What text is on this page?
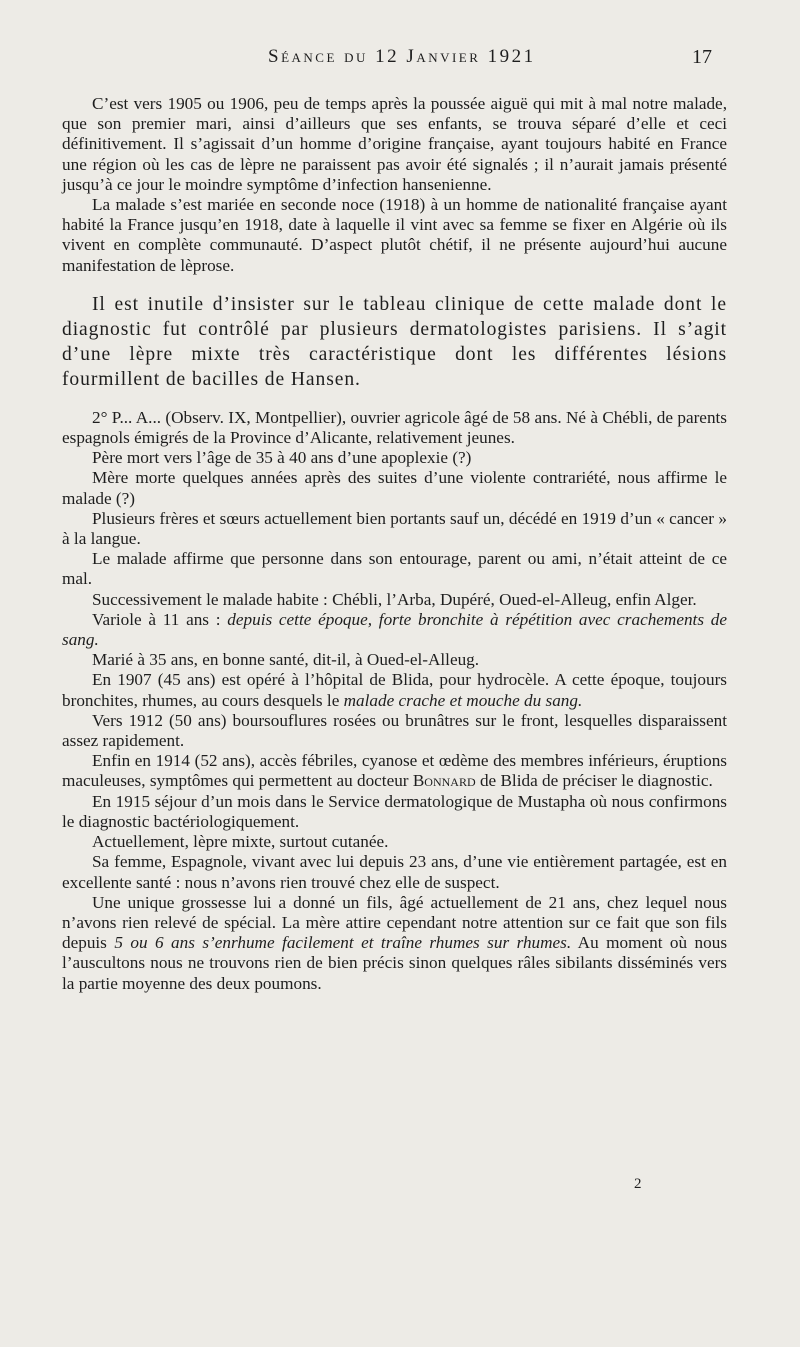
Séance du 12 Janvier 1921	17

C’est vers 1905 ou 1906, peu de temps après la poussée aiguë qui mit à mal notre malade, que son premier mari, ainsi d’ailleurs que ses enfants, se trouva séparé d’elle et ceci définitivement. Il s’agissait d’un homme d’origine française, ayant toujours habité en France une région où les cas de lèpre ne paraissent pas avoir été signalés ; il n’aurait jamais présenté jusqu’à ce jour le moindre symptôme d’infection hansenienne.

La malade s’est mariée en seconde noce (1918) à un homme de nationalité française ayant habité la France jusqu’en 1918, date à laquelle il vint avec sa femme se fixer en Algérie où ils vivent en complète communauté. D’aspect plutôt chétif, il ne présente aujourd’hui aucune manifestation de lèprose.

Il est inutile d’insister sur le tableau clinique de cette malade dont le diagnostic fut contrôlé par plusieurs dermatologistes parisiens. Il s’agit d’une lèpre mixte très caractéristique dont les différentes lésions fourmillent de bacilles de Hansen.

2° P... A... (Observ. IX, Montpellier), ouvrier agricole âgé de 58 ans. Né à Chébli, de parents espagnols émigrés de la Province d’Alicante, relativement jeunes.

Père mort vers l’âge de 35 à 40 ans d’une apoplexie (?)

Mère morte quelques années après des suites d’une violente contrariété, nous affirme le malade (?)

Plusieurs frères et sœurs actuellement bien portants sauf un, décédé en 1919 d’un « cancer » à la langue.

Le malade affirme que personne dans son entourage, parent ou ami, n’était atteint de ce mal.

Successivement le malade habite : Chébli, l’Arba, Dupéré, Oued-el-Alleug, enfin Alger.

Variole à 11 ans : depuis cette époque, forte bronchite à répétition avec crachements de sang.

Marié à 35 ans, en bonne santé, dit-il, à Oued-el-Alleug.

En 1907 (45 ans) est opéré à l’hôpital de Blida, pour hydrocèle. A cette époque, toujours bronchites, rhumes, au cours desquels le malade crache et mouche du sang.

Vers 1912 (50 ans) boursouflures rosées ou brunâtres sur le front, lesquelles disparaissent assez rapidement.

Enfin en 1914 (52 ans), accès fébriles, cyanose et œdème des membres inférieurs, éruptions maculeuses, symptômes qui permettent au docteur Bonnard de Blida de préciser le diagnostic.

En 1915 séjour d’un mois dans le Service dermatologique de Mustapha où nous confirmons le diagnostic bactériologiquement.

Actuellement, lèpre mixte, surtout cutanée.

Sa femme, Espagnole, vivant avec lui depuis 23 ans, d’une vie entièrement partagée, est en excellente santé : nous n’avons rien trouvé chez elle de suspect.

Une unique grossesse lui a donné un fils, âgé actuellement de 21 ans, chez lequel nous n’avons rien relevé de spécial. La mère attire cependant notre attention sur ce fait que son fils depuis 5 ou 6 ans s’enrhume facilement et traîne rhumes sur rhumes. Au moment où nous l’auscultons nous ne trouvons rien de bien précis sinon quelques râles sibilants disséminés vers la partie moyenne des deux poumons.

2
